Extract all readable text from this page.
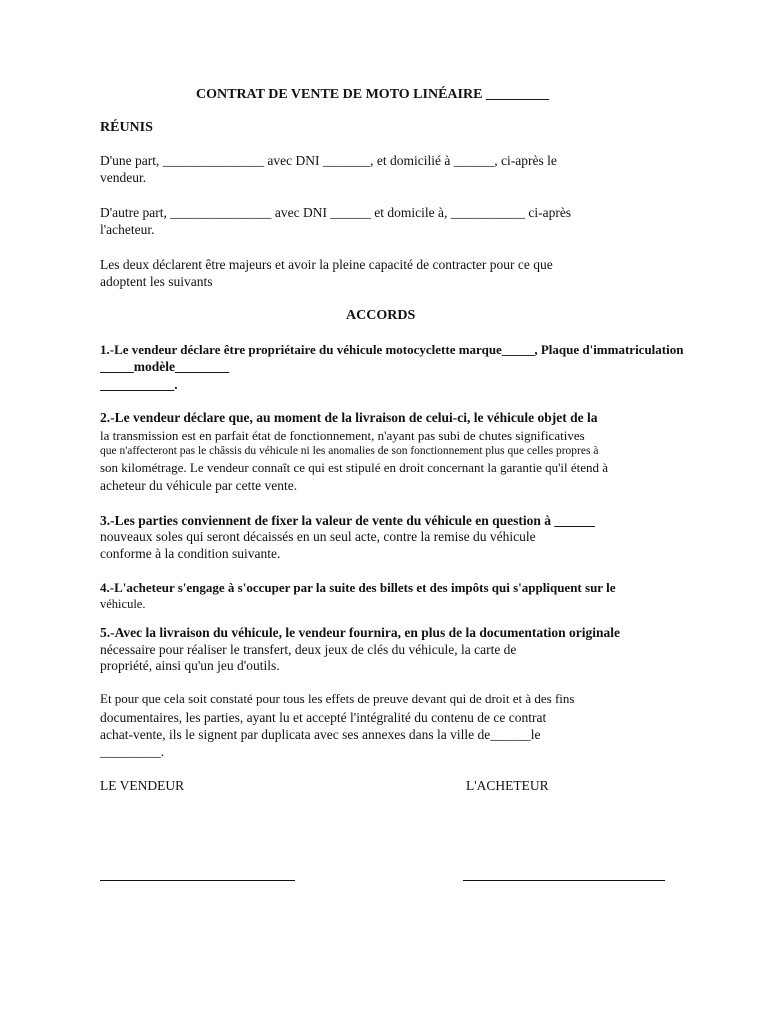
CONTRAT DE VENTE DE MOTO LINÉAIRE _________
RÉUNIS
D'une part, _______________ avec DNI _______, et domicilié à ______, ci-après le
vendeur.
D'autre part, _______________ avec DNI ______ et domicile à, ___________ ci-après
l'acheteur.
Les deux déclarent être majeurs et avoir la pleine capacité de contracter pour ce que
adoptent les suivants
ACCORDS
1.-Le vendeur déclare être propriétaire du véhicule motocyclette marque_____, Plaque d'immatriculation
_____modèle________
___________.
2.-Le vendeur déclare que, au moment de la livraison de celui-ci, le véhicule objet de la
la transmission est en parfait état de fonctionnement, n'ayant pas subi de chutes significatives
que n'affecteront pas le châssis du véhicule ni les anomalies de son fonctionnement plus que celles propres à
son kilométrage. Le vendeur connaît ce qui est stipulé en droit concernant la garantie qu'il étend à
acheteur du véhicule par cette vente.
3.-Les parties conviennent de fixer la valeur de vente du véhicule en question à ______
nouveaux soles qui seront décaissés en un seul acte, contre la remise du véhicule
conforme à la condition suivante.
4.-L'acheteur s'engage à s'occuper par la suite des billets et des impôts qui s'appliquent sur le
véhicule.
5.-Avec la livraison du véhicule, le vendeur fournira, en plus de la documentation originale
nécessaire pour réaliser le transfert, deux jeux de clés du véhicule, la carte de
propriété, ainsi qu'un jeu d'outils.
Et pour que cela soit constaté pour tous les effets de preuve devant qui de droit et à des fins
documentaires, les parties, ayant lu et accepté l'intégralité du contenu de ce contrat
achat-vente, ils le signent par duplicata avec ses annexes dans la ville de______le
_________.
LE VENDEUR	L'ACHETEUR
